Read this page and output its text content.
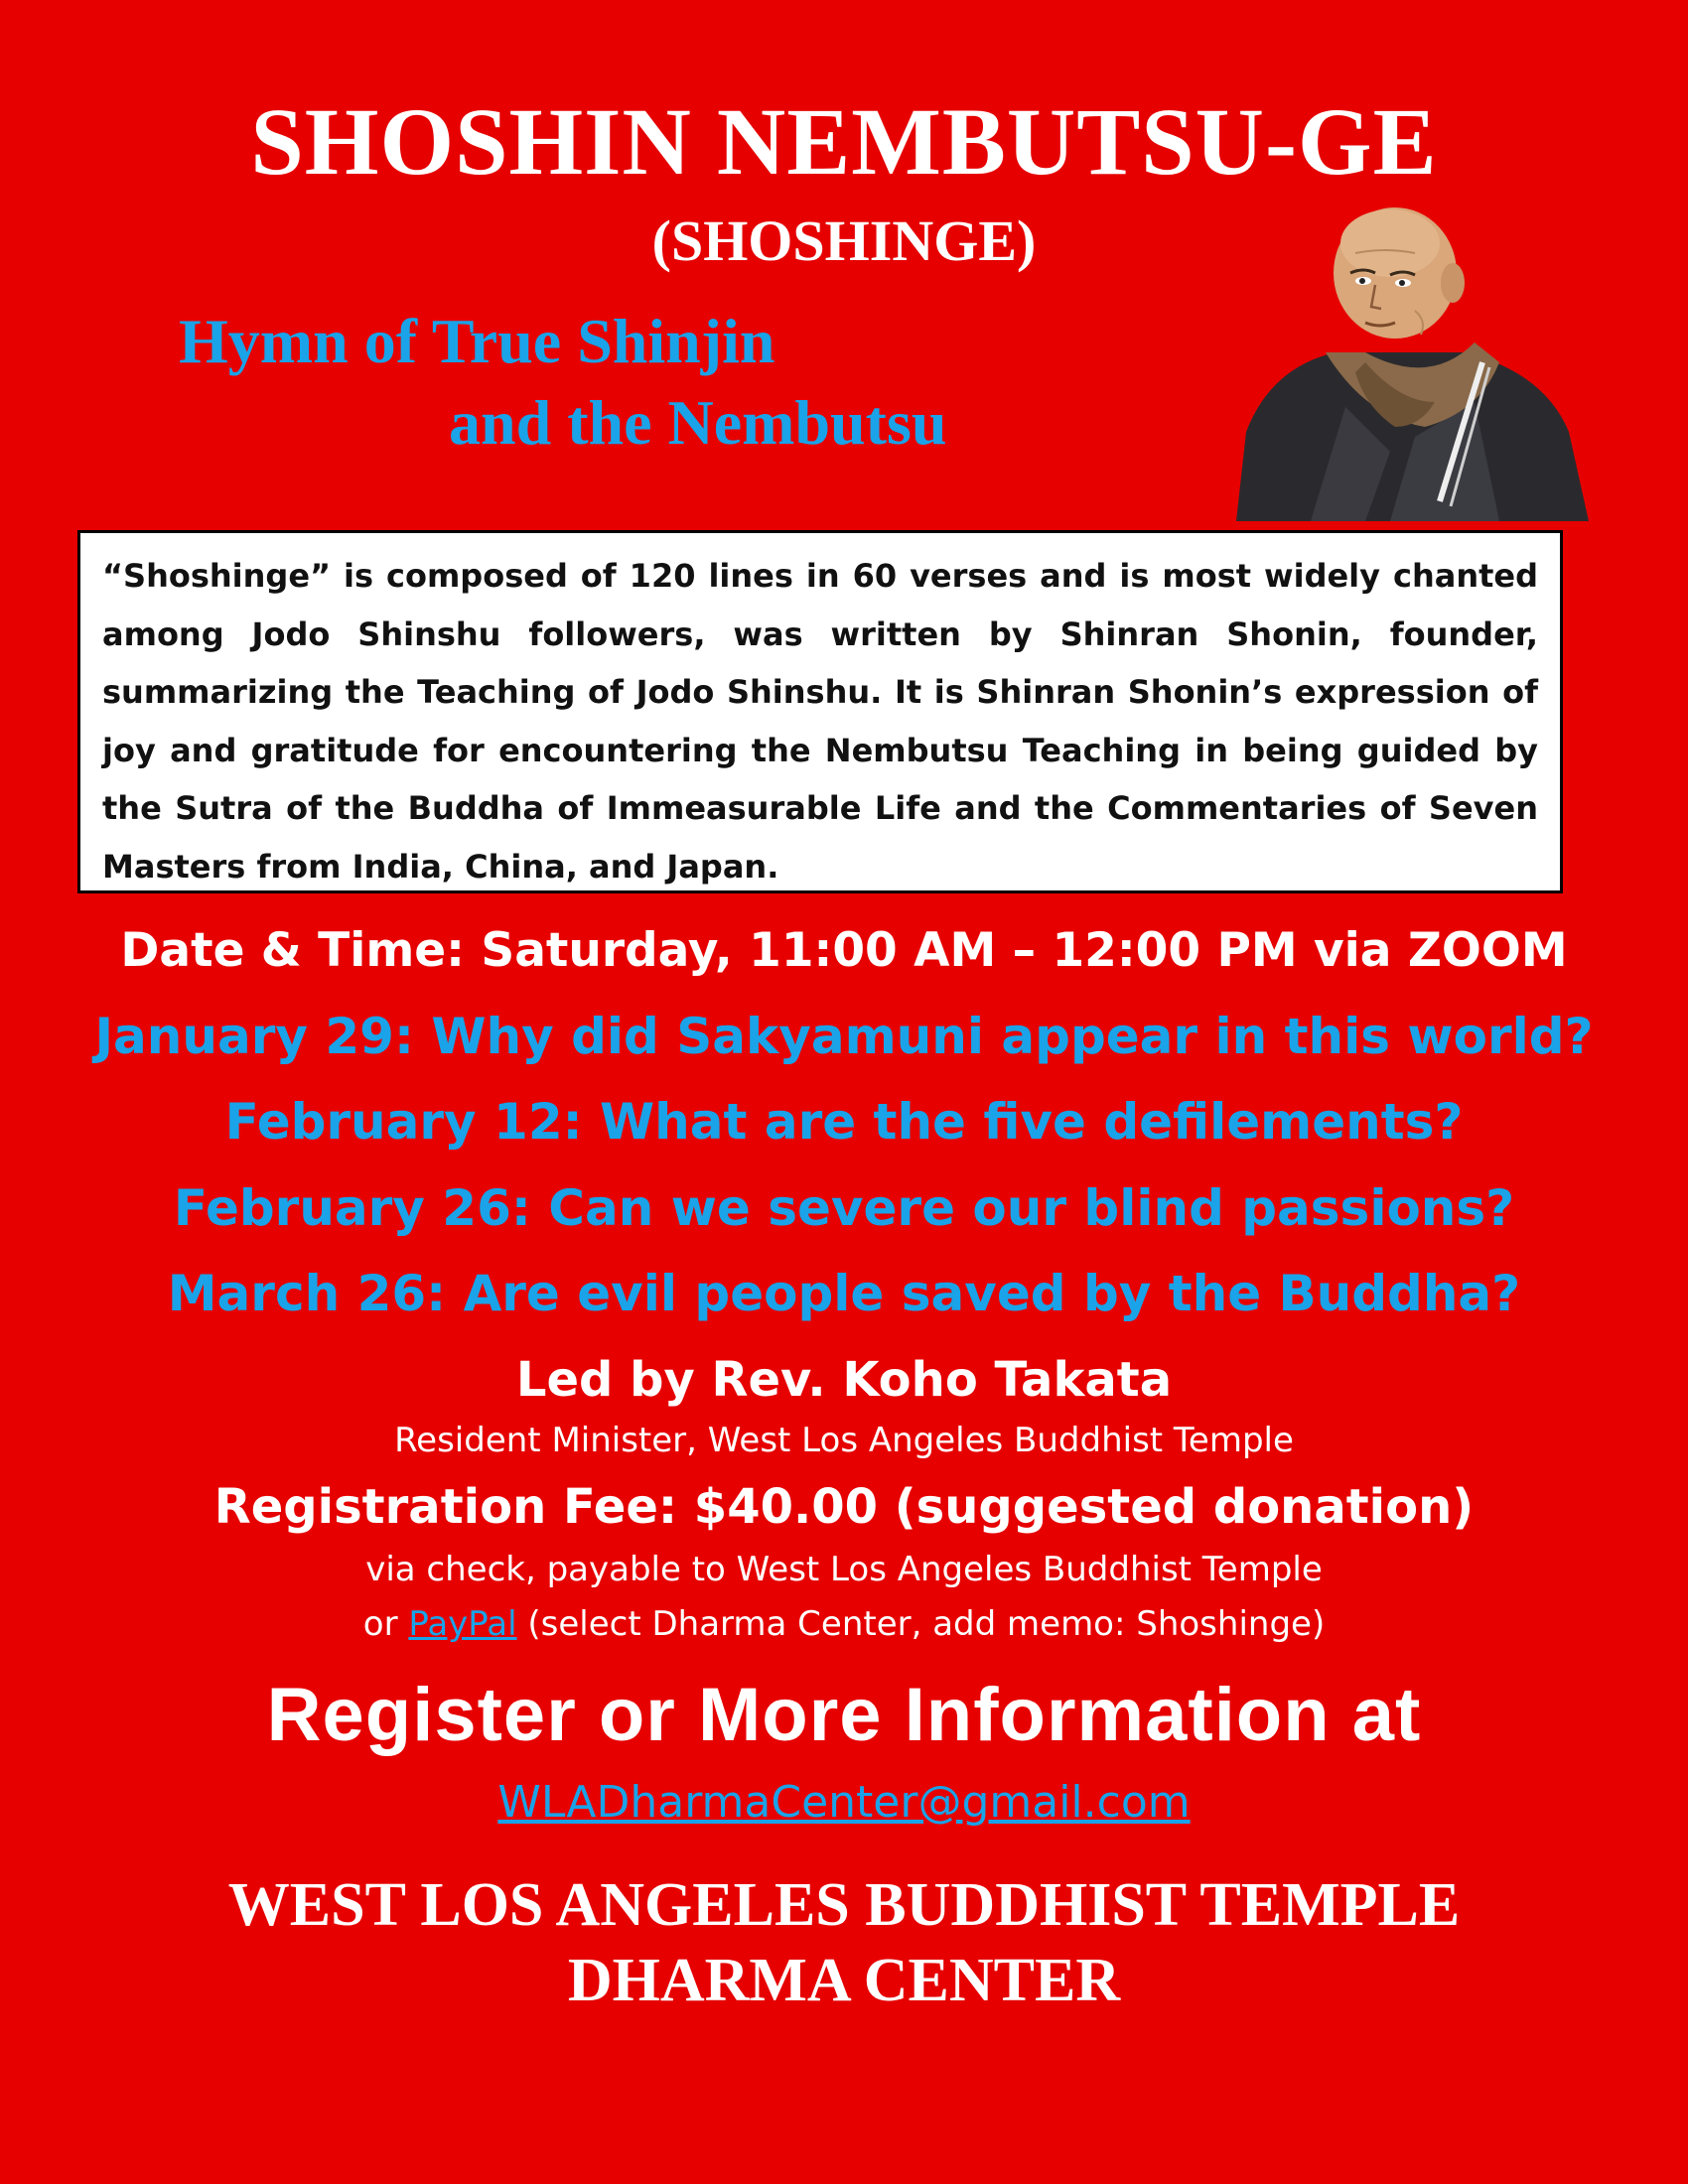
SHOSHIN NEMBUTSU-GE
(SHOSHINGE)
Hymn of True Shinjin
and the Nembutsu
“Shoshinge” is composed of 120 lines in 60 verses and is most widely chanted
among Jodo Shinshu followers, was written by Shinran Shonin, founder,
summarizing the Teaching of Jodo Shinshu. It is Shinran Shonin’s expression of
joy and gratitude for encountering the Nembutsu Teaching in being guided by
the Sutra of the Buddha of Immeasurable Life and the Commentaries of Seven
Masters from India, China, and Japan.
Date & Time: Saturday, 11:00 AM – 12:00 PM via ZOOM
January 29: Why did Sakyamuni appear in this world?
February 12: What are the five defilements?
February 26: Can we severe our blind passions?
March 26: Are evil people saved by the Buddha?
Led by Rev. Koho Takata
Resident Minister, West Los Angeles Buddhist Temple
Registration Fee: $40.00 (suggested donation)
via check, payable to West Los Angeles Buddhist Temple
or PayPal (select Dharma Center, add memo: Shoshinge)
Register or More Information at
WLADharmaCenter@gmail.com
WEST LOS ANGELES BUDDHIST TEMPLE
DHARMA CENTER
